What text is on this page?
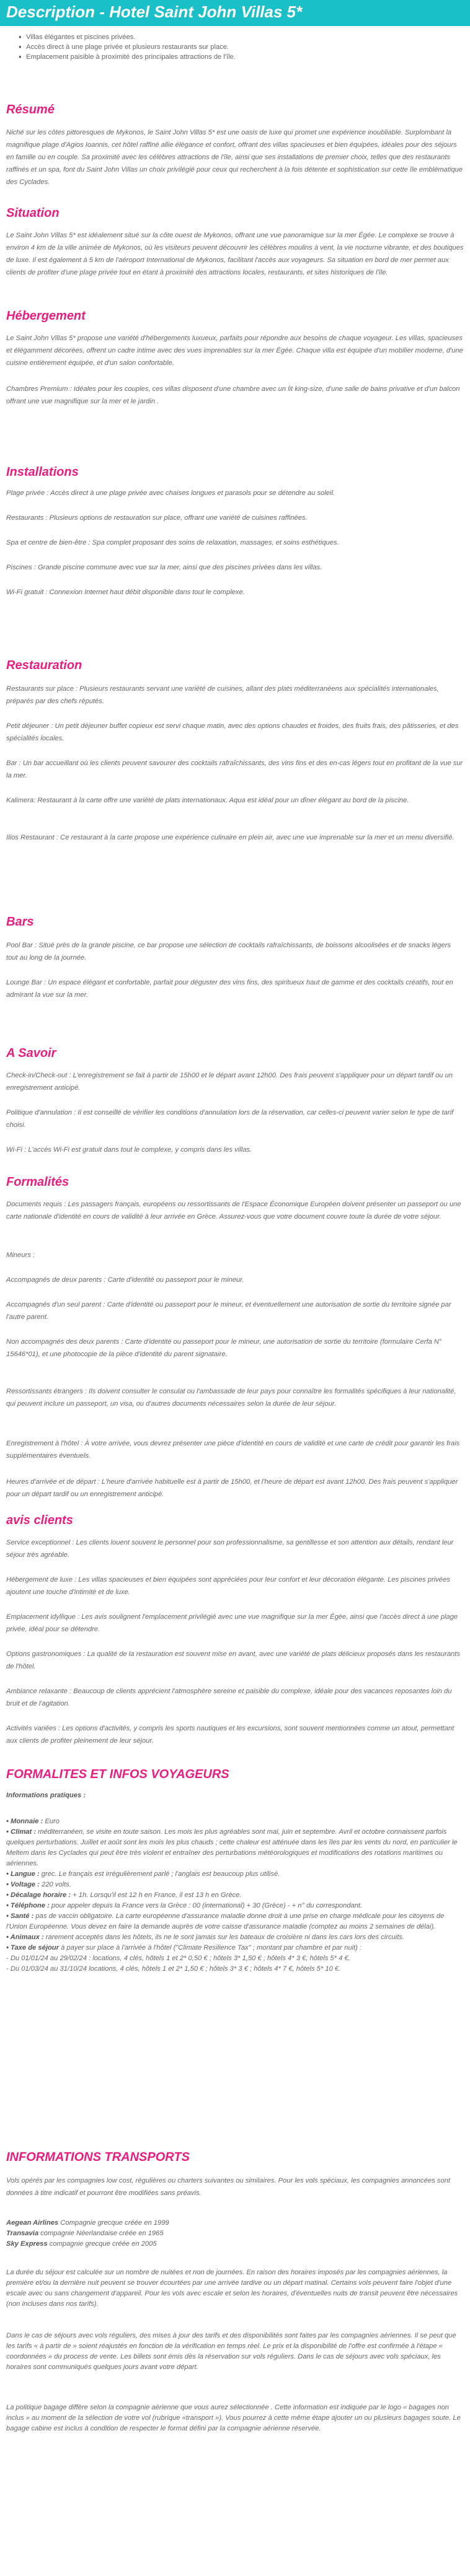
Description - Hotel Saint John Villas 5*
● Villas élégantes et piscines privées.
● Accès direct à une plage privée et plusieurs restaurants sur place.
● Emplacement paisible à proximité des principales attractions de l'île.
Résumé

Niché sur les côtes pittoresques de Mykonos, le Saint John Villas 5* est une oasis de luxe qui promet une expérience inoubliable. Surplombant la magnifique plage d'Agios Ioannis, cet hôtel raffiné allie élégance et confort, offrant des villas spacieuses et bien équipées, idéales pour des séjours en famille ou en couple. Sa proximité avec les célèbres attractions de l'île, ainsi que ses installations de premier choix, telles que des restaurants raffinés et un spa, font du Saint John Villas un choix privilégié pour ceux qui recherchent à la fois détente et sophistication sur cette île emblématique des Cyclades.

Situation

Le Saint John Villas 5* est idéalement situé sur la côte ouest de Mykonos, offrant une vue panoramique sur la mer Égée. Le complexe se trouve à environ 4 km de la ville animée de Mykonos, où les visiteurs peuvent découvrir les célèbres moulins à vent, la vie nocturne vibrante, et des boutiques de luxe. Il est également à 5 km de l'aéroport International de Mykonos, facilitant l'accès aux voyageurs. Sa situation en bord de mer permet aux clients de profiter d'une plage privée tout en étant à proximité des attractions locales, restaurants, et sites historiques de l'île.

Hébergement

Le Saint John Villas 5* propose une variété d'hébergements luxueux, parfaits pour répondre aux besoins de chaque voyageur. Les villas, spacieuses et élégamment décorées, offrent un cadre intime avec des vues imprenables sur la mer Égée. Chaque villa est équipée d'un mobilier moderne, d'une cuisine entièrement équipée, et d'un salon confortable.

Chambres Premium : Idéales pour les couples, ces villas disposent d'une chambre avec un lit king-size, d'une salle de bains privative et d'un balcon offrant une vue magnifique sur la mer et le jardin .

Installations

Plage privée : Accès direct à une plage privée avec chaises longues et parasols pour se détendre au soleil.

Restaurants : Plusieurs options de restauration sur place, offrant une variété de cuisines raffinées.

Spa et centre de bien-être : Spa complet proposant des soins de relaxation, massages, et soins esthétiques.

Piscines : Grande piscine commune avec vue sur la mer, ainsi que des piscines privées dans les villas.

Wi-Fi gratuit : Connexion Internet haut débit disponible dans tout le complexe.

Restauration

Restaurants sur place : Plusieurs restaurants servant une variété de cuisines, allant des plats méditerranéens aux spécialités internationales, préparés par des chefs réputés.

Petit déjeuner : Un petit déjeuner buffet copieux est servi chaque matin, avec des options chaudes et froides, des fruits frais, des pâtisseries, et des spécialités locales.

Bar : Un bar accueillant où les clients peuvent savourer des cocktails rafraîchissants, des vins fins et des en-cas légers tout en profitant de la vue sur la mer.

Kalimera: Restaurant à la carte offre une variété de plats internationaux. Aqua est idéal pour un dîner élégant au bord de la piscine.

Ilios Restaurant : Ce restaurant à la carte propose une expérience culinaire en plein air, avec une vue imprenable sur la mer et un menu diversifié.

Bars

Pool Bar : Situé près de la grande piscine, ce bar propose une sélection de cocktails rafraîchissants, de boissons alcoolisées et de snacks légers tout au long de la journée.

Lounge Bar : Un espace élégant et confortable, parfait pour déguster des vins fins, des spiritueux haut de gamme et des cocktails créatifs, tout en admirant la vue sur la mer.

A Savoir

Check-in/Check-out : L'enregistrement se fait à partir de 15h00 et le départ avant 12h00. Des frais peuvent s'appliquer pour un départ tardif ou un enregistrement anticipé.

Politique d'annulation : Il est conseillé de vérifier les conditions d'annulation lors de la réservation, car celles-ci peuvent varier selon le type de tarif choisi.

Wi-Fi : L'accès Wi-Fi est gratuit dans tout le complexe, y compris dans les villas.

Formalités

Documents requis : Les passagers français, européens ou ressortissants de l'Espace Économique Européen doivent présenter un passeport ou une carte nationale d'identité en cours de validité à leur arrivée en Grèce. Assurez-vous que votre document couvre toute la durée de votre séjour.

Mineurs :

Accompagnés de deux parents : Carte d'identité ou passeport pour le mineur.

Accompagnés d'un seul parent : Carte d'identité ou passeport pour le mineur, et éventuellement une autorisation de sortie du territoire signée par l'autre parent.

Non accompagnés des deux parents : Carte d'identité ou passeport pour le mineur, une autorisation de sortie du territoire (formulaire Cerfa N° 15646*01), et une photocopie de la pièce d'identité du parent signataire.

Ressortissants étrangers : Ils doivent consulter le consulat ou l'ambassade de leur pays pour connaître les formalités spécifiques à leur nationalité, qui peuvent inclure un passeport, un visa, ou d'autres documents nécessaires selon la durée de leur séjour.

Enregistrement à l'hôtel : À votre arrivée, vous devrez présenter une pièce d'identité en cours de validité et une carte de crédit pour garantir les frais supplémentaires éventuels.

Heures d'arrivée et de départ : L'heure d'arrivée habituelle est à partir de 15h00, et l'heure de départ est avant 12h00. Des frais peuvent s'appliquer pour un départ tardif ou un enregistrement anticipé.

avis clients

Service exceptionnel : Les clients louent souvent le personnel pour son professionnalisme, sa gentillesse et son attention aux détails, rendant leur séjour très agréable.

Hébergement de luxe : Les villas spacieuses et bien équipées sont appréciées pour leur confort et leur décoration élégante. Les piscines privées ajoutent une touche d'intimité et de luxe.

Emplacement idyllique : Les avis soulignent l'emplacement privilégié avec une vue magnifique sur la mer Égée, ainsi que l'accès direct à une plage privée, idéal pour se détendre.

Options gastronomiques : La qualité de la restauration est souvent mise en avant, avec une variété de plats délicieux proposés dans les restaurants de l'hôtel.

Ambiance relaxante : Beaucoup de clients apprécient l'atmosphère sereine et paisible du complexe, idéale pour des vacances reposantes loin du bruit et de l'agitation.

Activités variées : Les options d'activités, y compris les sports nautiques et les excursions, sont souvent mentionnées comme un atout, permettant aux clients de profiter pleinement de leur séjour.

FORMALITES ET INFOS VOYAGEURS

Informations pratiques :

• Monnaie : Euro
• Climat : méditerranéen, se visite en toute saison. Les mois les plus agréables sont mai, juin et septembre. Avril et octobre connaissent parfois quelques perturbations. Juillet et août sont les mois les plus chauds ; cette chaleur est atténuée dans les îles par les vents du nord, en particulier le Meltem dans les Cyclades qui peut être très violent et entraîner des perturbations météorologiques et modifications des rotations maritimes ou aériennes.
• Langue : grec. Le français est irrégulièrement parlé ; l'anglais est beaucoup plus utilisé.
• Voltage : 220 volts.
• Décalage horaire : + 1h. Lorsqu'il est 12 h en France, il est 13 h en Grèce.
• Téléphone : pour appeler depuis la France vers la Grèce : 00 (international) + 30 (Grèce) - + n° du correspondant.
• Santé : pas de vaccin obligatoire. La carte européenne d'assurance maladie donne droit à une prise en charge médicale pour les citoyens de l'Union Européenne. Vous devez en faire la demande auprès de votre caisse d'assurance maladie (comptez au moins 2 semaines de délai).
• Animaux : rarement acceptés dans les hôtels, ils ne le sont jamais sur les bateaux de croisière ni dans les cars lors des circuits.
• Taxe de séjour à payer sur place à l'arrivée à l'hôtel ("Climate Resilience Tax" ; montant par chambre et par nuit) :
- Du 01/01/24 au 29/02/24 : locations, 4 clés, hôtels 1 et 2* 0,50 € ; hôtels 3* 1,50 € ; hôtels 4* 3 €, hôtels 5* 4 €.
- Du 01/03/24 au 31/10/24 locations, 4 clés, hôtels 1 et 2* 1,50 € ; hôtels 3* 3 € ; hôtels 4* 7 €, hôtels 5* 10 €.
INFORMATIONS TRANSPORTS

Vols opérés par les compagnies low cost, régulières ou charters suivantes ou similaires. Pour les vols spéciaux, les compagnies annoncées sont données à titre indicatif et pourront être modifiées sans préavis.

Aegean Airlines Compagnie grecque créée en 1999

Transavia compagnie Néerlandaise créée en 1965

Sky Express compagnie grecque créée en 2005

La durée du séjour est calculée sur un nombre de nuitées et non de journées. En raison des horaires imposés par les compagnies aériennes, la première et/ou la dernière nuit peuvent se trouver écourtées par une arrivée tardive ou un départ matinal. Certains vols peuvent faire l'objet d'une escale avec ou sans changement d'appareil. Pour les vols avec escale et selon les horaires, d'éventuelles nuits de transit peuvent être nécessaires (non incluses dans nos tarifs).

Dans le cas de séjours avec vols réguliers, des mises à jour des tarifs et des disponibilités sont faites par les compagnies aériennes. Il se peut que les tarifs « à partir de » soient réajustés en fonction de la vérification en temps réel. Le prix et la disponibilité de l'offre est confirmée à l'étape « coordonnées » du process de vente. Les billets sont émis dès la réservation sur vols réguliers. Dans le cas de séjours avec vols spéciaux, les horaires sont communiqués quelques jours avant votre départ.

La politique bagage diffère selon la compagnie aérienne que vous aurez sélectionnée . Cette information est indiquée par le logo « bagages non inclus » au moment de la sélection de votre vol (rubrique «transport »). Vous pourrez à cette même étape ajouter un ou plusieurs bagages soute. Le bagage cabine est inclus à condition de respecter le format défini par la compagnie aérienne réservée.
